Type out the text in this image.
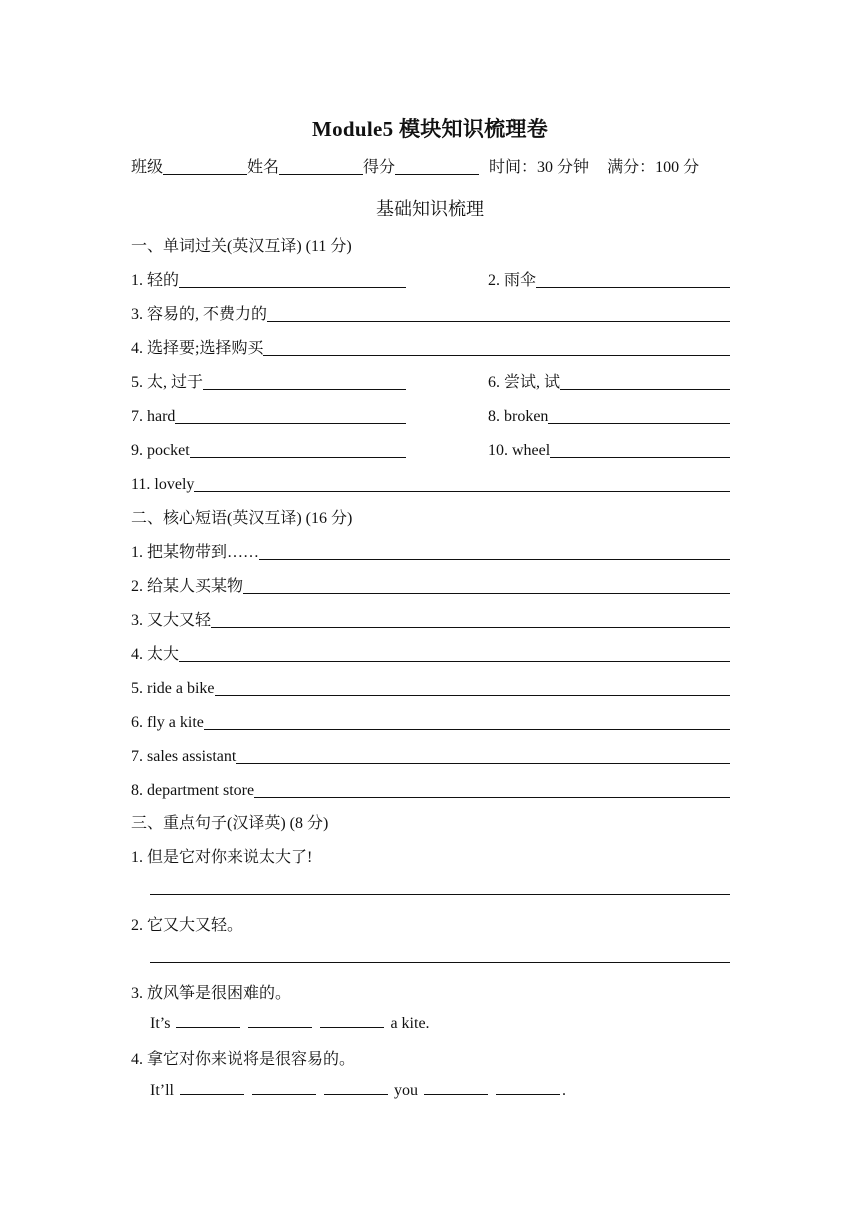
Module5 模块知识梳理卷
班级	姓名	得分	时间：30 分钟 满分：100 分
基础知识梳理
一、单词过关(英汉互译) (11 分)
1. 轻的	2. 雨伞
3. 容易的, 不费力的
4. 选择要;选择购买
5. 太, 过于	6. 尝试, 试
7. hard	8. broken
9. pocket	10. wheel
11. lovely
二、核心短语(英汉互译) (16 分)
1. 把某物带到……
2. 给某人买某物
3. 又大又轻
4. 太大
5. ride a bike
6. fly a kite
7. sales assistant
8. department store
三、重点句子(汉译英) (8 分)
1. 但是它对你来说太大了!
2. 它又大又轻。
3. 放风筝是很困难的。
It’s	a kite.
4. 拿它对你来说将是很容易的。
It’ll	you	.
